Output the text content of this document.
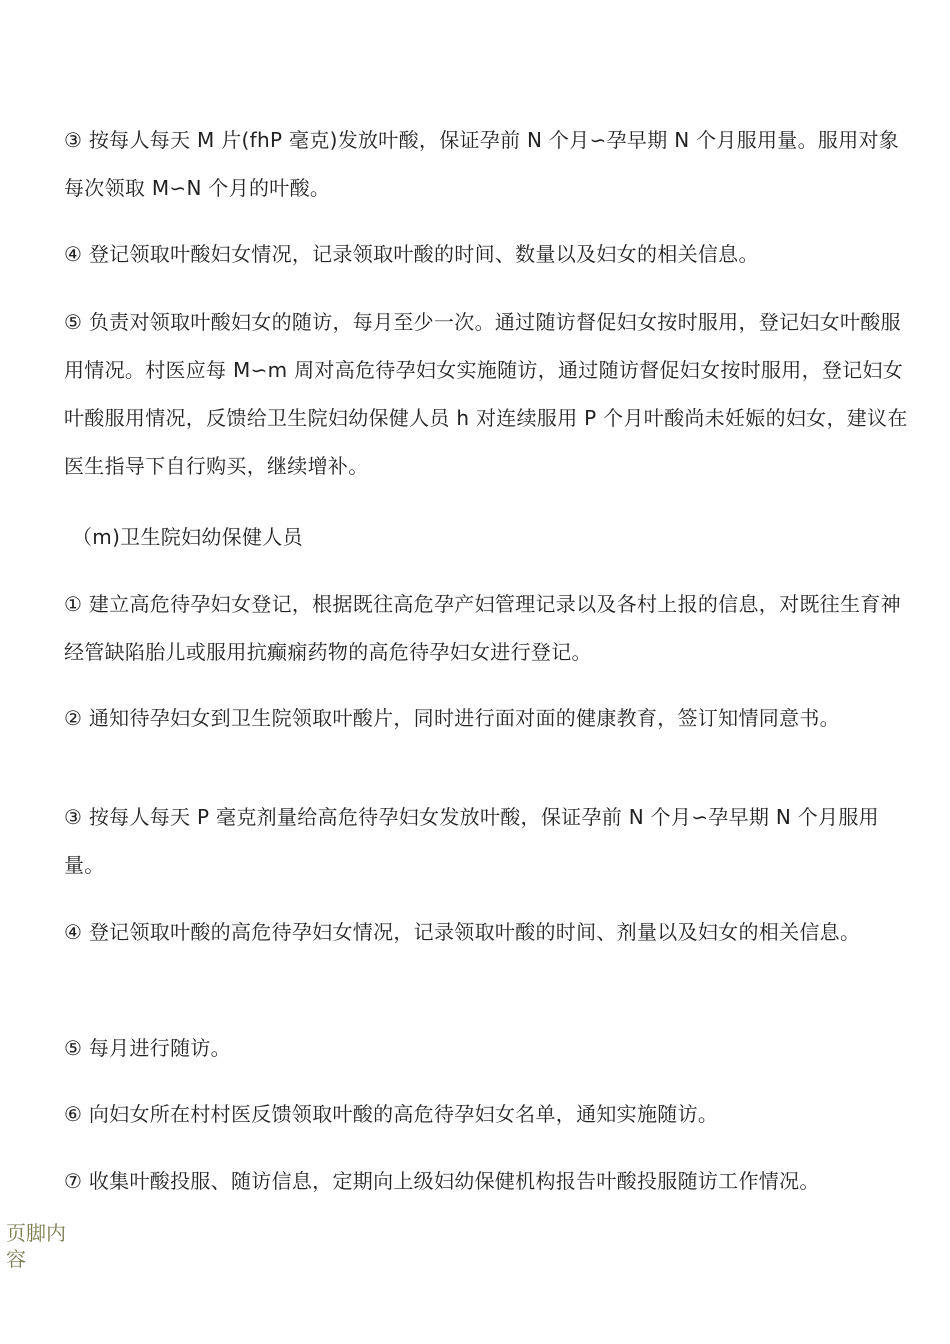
③ 按每人每天 M 片(fhP 毫克)发放叶酸，保证孕前 N 个月∽孕早期 N 个月服用量。服用对象每次领取 M∽N 个月的叶酸。

④ 登记领取叶酸妇女情况，记录领取叶酸的时间、数量以及妇女的相关信息。

⑤ 负责对领取叶酸妇女的随访，每月至少一次。通过随访督促妇女按时服用，登记妇女叶酸服用情况。村医应每 M∽m 周对高危待孕妇女实施随访，通过随访督促妇女按时服用，登记妇女叶酸服用情况，反馈给卫生院妇幼保健人员 h 对连续服用 P 个月叶酸尚未妊娠的妇女，建议在医生指导下自行购买，继续增补。

（m)卫生院妇幼保健人员

① 建立高危待孕妇女登记，根据既往高危孕产妇管理记录以及各村上报的信息，对既往生育神经管缺陷胎儿或服用抗癫痫药物的高危待孕妇女进行登记。

② 通知待孕妇女到卫生院领取叶酸片，同时进行面对面的健康教育，签订知情同意书。

③ 按每人每天 P 毫克剂量给高危待孕妇女发放叶酸，保证孕前 N 个月∽孕早期 N 个月服用量。

④ 登记领取叶酸的高危待孕妇女情况，记录领取叶酸的时间、剂量以及妇女的相关信息。

⑤ 每月进行随访。

⑥ 向妇女所在村村医反馈领取叶酸的高危待孕妇女名单，通知实施随访。

⑦ 收集叶酸投服、随访信息，定期向上级妇幼保健机构报告叶酸投服随访工作情况。

页脚内容
